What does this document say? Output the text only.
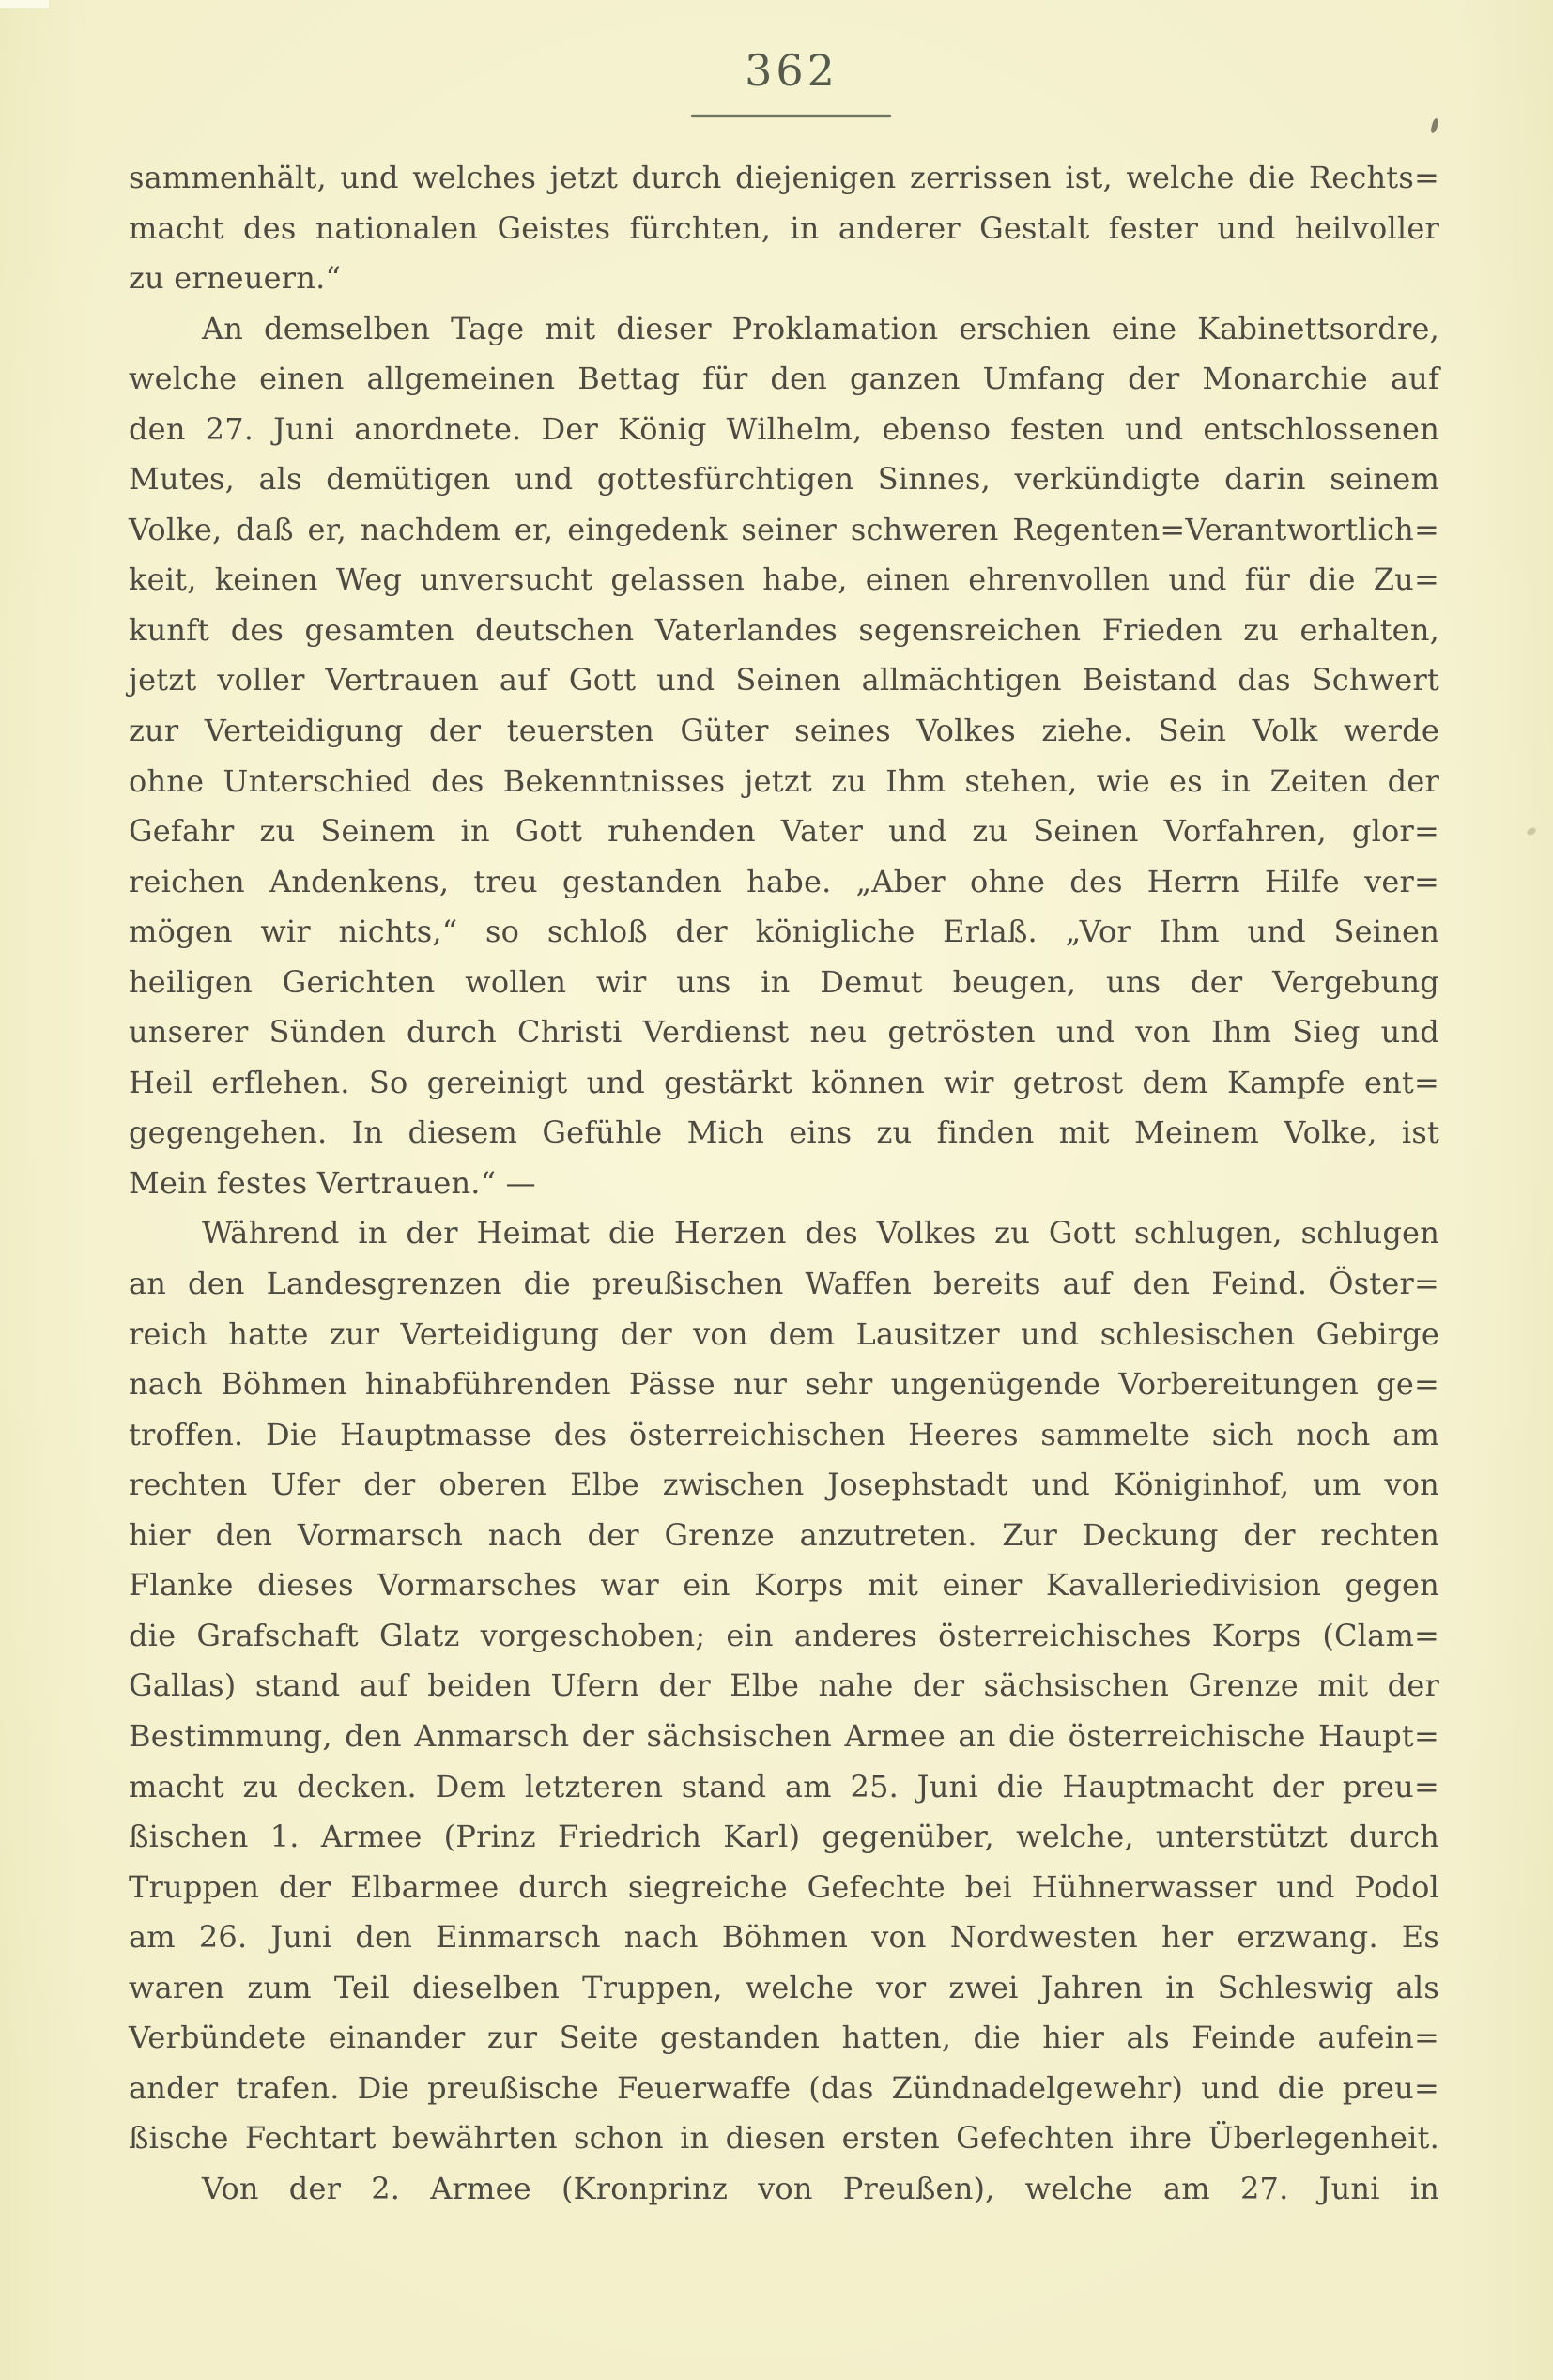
362
sammenhält, und welches jetzt durch diejenigen zerrissen ist, welche die Rechts=
macht des nationalen Geistes fürchten, in anderer Gestalt fester und heilvoller
zu erneuern.“
An demselben Tage mit dieser Proklamation erschien eine Kabinettsordre,
welche einen allgemeinen Bettag für den ganzen Umfang der Monarchie auf
den 27. Juni anordnete. Der König Wilhelm, ebenso festen und entschlossenen
Mutes, als demütigen und gottesfürchtigen Sinnes, verkündigte darin seinem
Volke, daß er, nachdem er, eingedenk seiner schweren Regenten=Verantwortlich=
keit, keinen Weg unversucht gelassen habe, einen ehrenvollen und für die Zu=
kunft des gesamten deutschen Vaterlandes segensreichen Frieden zu erhalten,
jetzt voller Vertrauen auf Gott und Seinen allmächtigen Beistand das Schwert
zur Verteidigung der teuersten Güter seines Volkes ziehe. Sein Volk werde
ohne Unterschied des Bekenntnisses jetzt zu Ihm stehen, wie es in Zeiten der
Gefahr zu Seinem in Gott ruhenden Vater und zu Seinen Vorfahren, glor=
reichen Andenkens, treu gestanden habe. „Aber ohne des Herrn Hilfe ver=
mögen wir nichts,“ so schloß der königliche Erlaß. „Vor Ihm und Seinen
heiligen Gerichten wollen wir uns in Demut beugen, uns der Vergebung
unserer Sünden durch Christi Verdienst neu getrösten und von Ihm Sieg und
Heil erflehen. So gereinigt und gestärkt können wir getrost dem Kampfe ent=
gegengehen. In diesem Gefühle Mich eins zu finden mit Meinem Volke, ist
Mein festes Vertrauen.“ —
Während in der Heimat die Herzen des Volkes zu Gott schlugen, schlugen
an den Landesgrenzen die preußischen Waffen bereits auf den Feind. Öster=
reich hatte zur Verteidigung der von dem Lausitzer und schlesischen Gebirge
nach Böhmen hinabführenden Pässe nur sehr ungenügende Vorbereitungen ge=
troffen. Die Hauptmasse des österreichischen Heeres sammelte sich noch am
rechten Ufer der oberen Elbe zwischen Josephstadt und Königinhof, um von
hier den Vormarsch nach der Grenze anzutreten. Zur Deckung der rechten
Flanke dieses Vormarsches war ein Korps mit einer Kavalleriedivision gegen
die Grafschaft Glatz vorgeschoben; ein anderes österreichisches Korps (Clam=
Gallas) stand auf beiden Ufern der Elbe nahe der sächsischen Grenze mit der
Bestimmung, den Anmarsch der sächsischen Armee an die österreichische Haupt=
macht zu decken. Dem letzteren stand am 25. Juni die Hauptmacht der preu=
ßischen 1. Armee (Prinz Friedrich Karl) gegenüber, welche, unterstützt durch
Truppen der Elbarmee durch siegreiche Gefechte bei Hühnerwasser und Podol
am 26. Juni den Einmarsch nach Böhmen von Nordwesten her erzwang. Es
waren zum Teil dieselben Truppen, welche vor zwei Jahren in Schleswig als
Verbündete einander zur Seite gestanden hatten, die hier als Feinde aufein=
ander trafen. Die preußische Feuerwaffe (das Zündnadelgewehr) und die preu=
ßische Fechtart bewährten schon in diesen ersten Gefechten ihre Überlegenheit.
Von der 2. Armee (Kronprinz von Preußen), welche am 27. Juni in
